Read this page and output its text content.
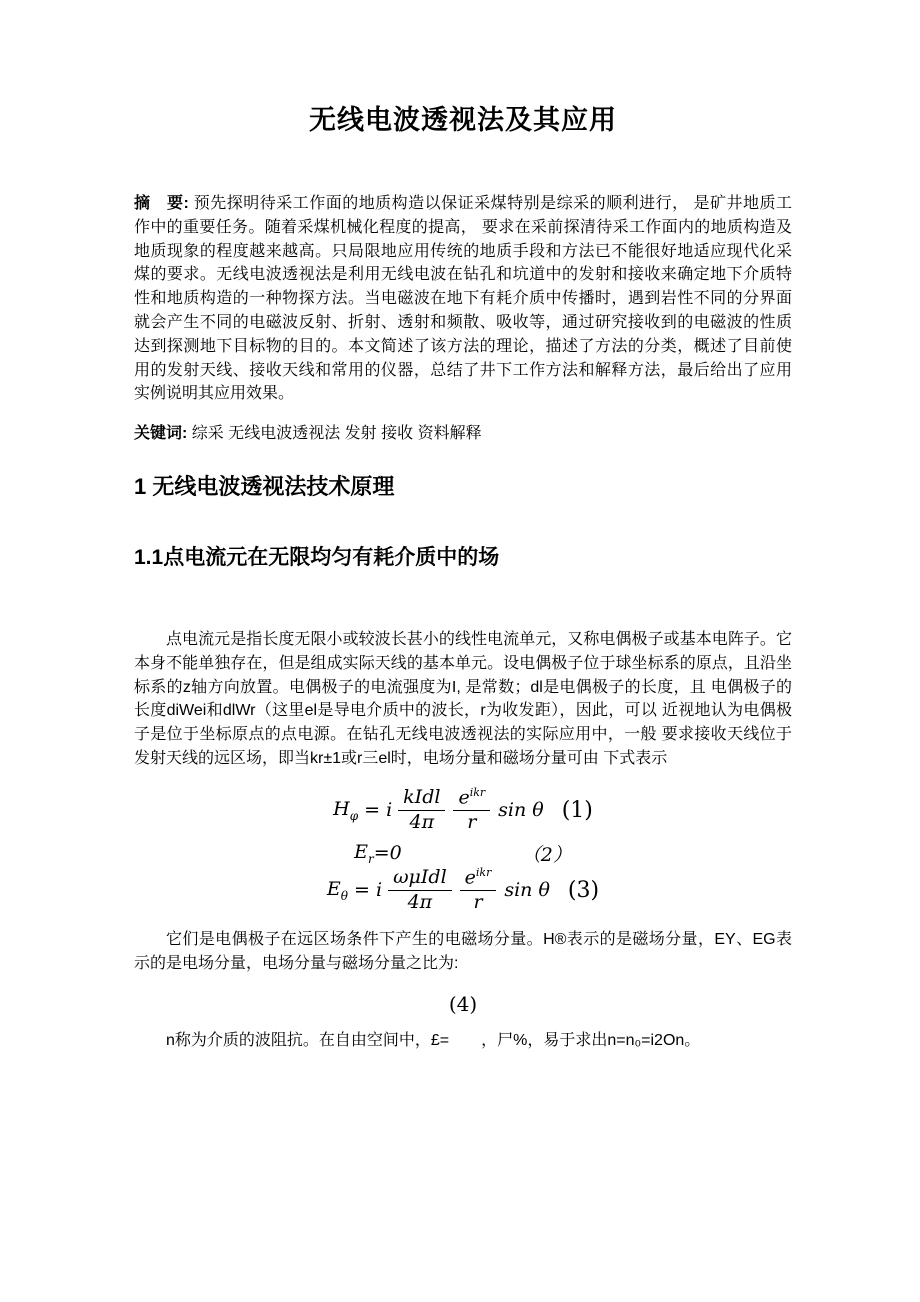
无线电波透视法及其应用

摘　要: 预先探明待采工作面的地质构造以保证采煤特别是综采的顺利进行， 是矿井地质工 作中的重要任务。随着采煤机械化程度的提高， 要求在采前探清待采工作面内的地质构造及 地质现象的程度越来越高。只局限地应用传统的地质手段和方法已不能很好地适应现代化采 煤的要求。无线电波透视法是利用无线电波在钻孔和坑道中的发射和接收来确定地下介质特　性和地质构造的一种物探方法。当电磁波在地下有耗介质中传播时，遇到岩性不同的分界面 就会产生不同的电磁波反射、折射、透射和频散、吸收等，通过研究接收到的电磁波的性质 达到探测地下目标物的目的。本文简述了该方法的理论，描述了方法的分类，概述了目前使 用的发射天线、接收天线和常用的仪器，总结了井下工作方法和解释方法，最后给出了应用 实例说明其应用效果。

关键词: 综采 无线电波透视法 发射 接收 资料解释

1 无线电波透视法技术原理
1.1点电流元在无限均匀有耗介质中的场

点电流元是指长度无限小或较波长甚小的线性电流单元，又称电偶极子或基本电阵子。它本身不能单独存在，但是组成实际天线的基本单元。设电偶极子位于球坐标系的原点，且沿坐标系的z轴方向放置。电偶极子的电流强度为I, 是常数；dl是电偶极子的长度，且 电偶极子的长度diWei和dlWr（这里el是导电介质中的波长，r为收发距），因此，可以 近视地认为电偶极子是位于坐标原点的点电源。在钻孔无线电波透视法的实际应用中，一般 要求接收天线位于发射天线的远区场，即当kr±1或r三el时，电场分量和磁场分量可由 下式表示

$H_\varphi = i \frac{\text{kIdl}}{4\pi} \frac{e^{ikr}}{r}$ sin θ (1)
$E_r =0$	（2）
$E_\theta = i \frac{\text{ωμIdl}}{4\pi} \frac{e^{ikr}}{r}$ sin θ (3)

它们是电偶极子在远区场条件下产生的电磁场分量。H®表示的是磁场分量，EY、EG表示的是电场分量，电场分量与磁场分量之比为:

(4)

n称为介质的波阻抗。在自由空间中，£=　　，尸%，易于求出n=n₀=i2On。
